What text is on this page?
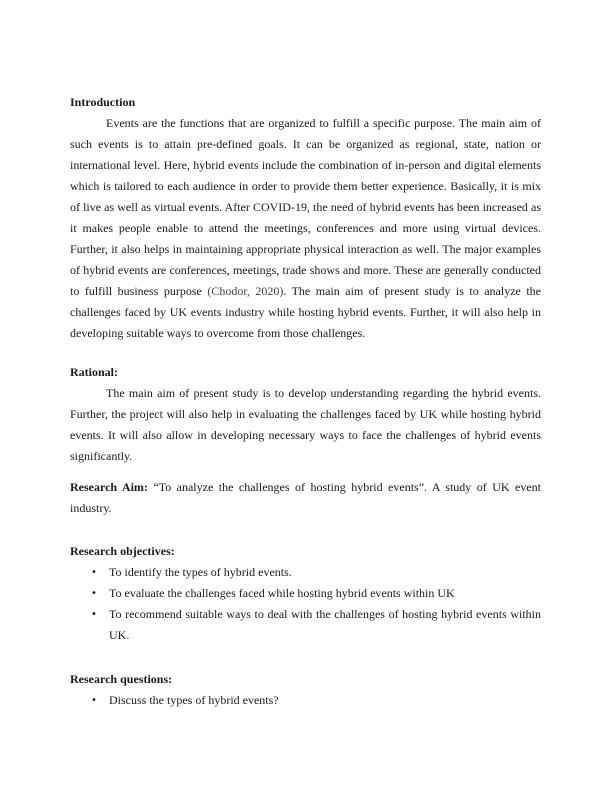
Introduction
Events are the functions that are organized to fulfill a specific purpose. The main aim of such events is to attain pre-defined goals. It can be organized as regional, state, nation or international level. Here, hybrid events include the combination of in-person and digital elements which is tailored to each audience in order to provide them better experience. Basically, it is mix of live as well as virtual events. After COVID-19, the need of hybrid events has been increased as it makes people enable to attend the meetings, conferences and more using virtual devices. Further, it also helps in maintaining appropriate physical interaction as well. The major examples of hybrid events are conferences, meetings, trade shows and more. These are generally conducted to fulfill business purpose (Chodor, 2020). The main aim of present study is to analyze the challenges faced by UK events industry while hosting hybrid events. Further, it will also help in developing suitable ways to overcome from those challenges.
Rational:
The main aim of present study is to develop understanding regarding the hybrid events. Further, the project will also help in evaluating the challenges faced by UK while hosting hybrid events. It will also allow in developing necessary ways to face the challenges of hybrid events significantly.
Research Aim: “To analyze the challenges of hosting hybrid events”. A study of UK event industry.
Research objectives:
• To identify the types of hybrid events.
• To evaluate the challenges faced while hosting hybrid events within UK
• To recommend suitable ways to deal with the challenges of hosting hybrid events within UK.
Research questions:
• Discuss the types of hybrid events?
